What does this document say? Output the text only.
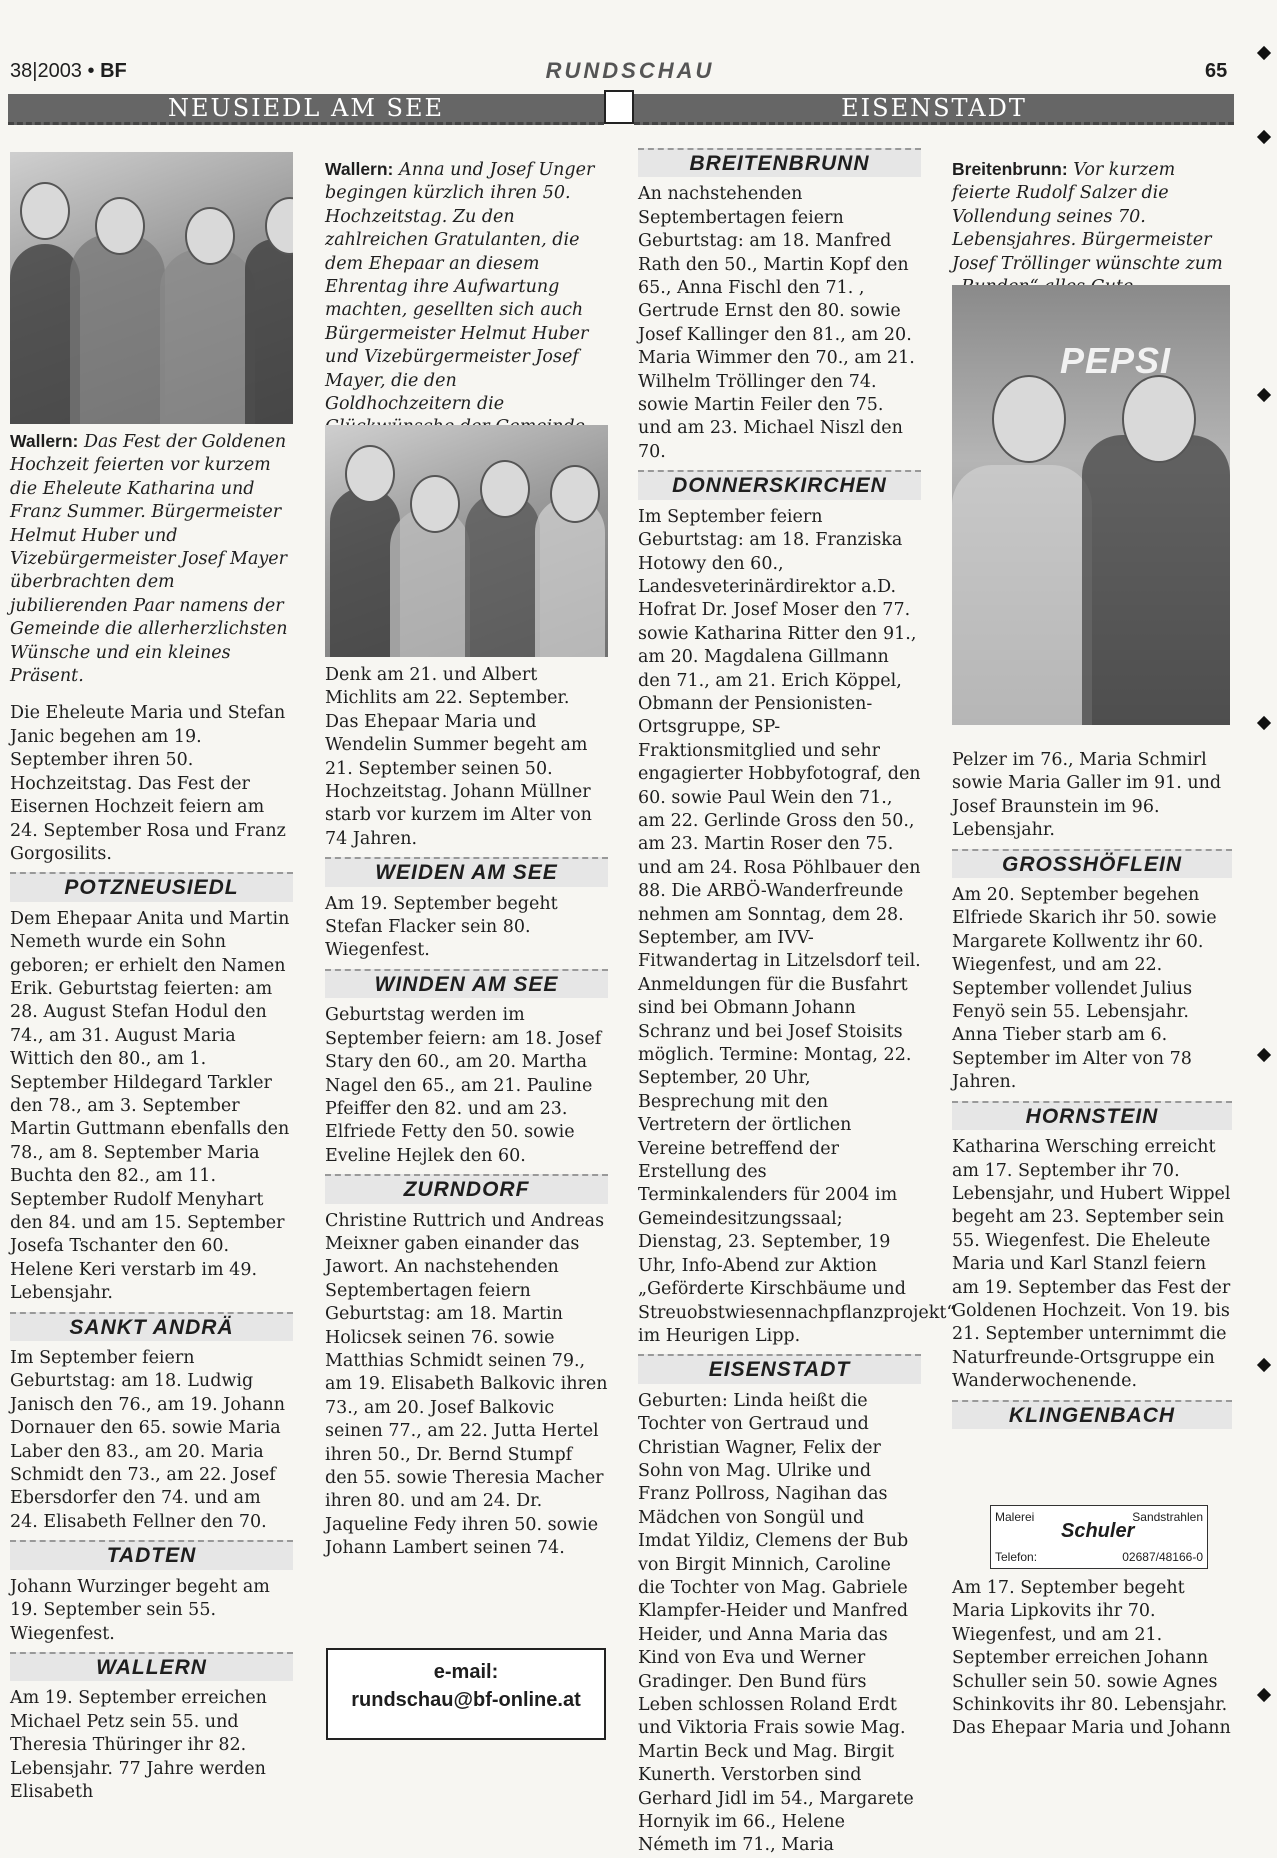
38|2003 • BF	RUNDSCHAU	65
NEUSIEDL AM SEE	EISENSTADT

Wallern: Das Fest der Goldenen Hochzeit feierten vor kurzem die Eheleute Katharina und Franz Summer. Bürgermeister Helmut Huber und Vizebürgermeister Josef Mayer überbrachten dem jubilierenden Paar namens der Gemeinde die allerherzlichsten Wünsche und ein kleines Präsent.

Die Eheleute Maria und Stefan Janic begehen am 19. September ihren 50. Hochzeitstag. Das Fest der Eisernen Hochzeit feiern am 24. September Rosa und Franz Gorgosilits.

POTZNEUSIEDL

Dem Ehepaar Anita und Martin Nemeth wurde ein Sohn geboren; er erhielt den Namen Erik. Geburtstag feierten: am 28. August Stefan Hodul den 74., am 31. August Maria Wittich den 80., am 1. September Hildegard Tarkler den 78., am 3. September Martin Guttmann ebenfalls den 78., am 8. September Maria Buchta den 82., am 11. September Rudolf Menyhart den 84. und am 15. September Josefa Tschanter den 60. Helene Keri verstarb im 49. Lebensjahr.

SANKT ANDRÄ

Im September feiern Geburtstag: am 18. Ludwig Janisch den 76., am 19. Johann Dornauer den 65. sowie Maria Laber den 83., am 20. Maria Schmidt den 73., am 22. Josef Ebersdorfer den 74. und am 24. Elisabeth Fellner den 70.

TADTEN

Johann Wurzinger begeht am 19. September sein 55. Wiegenfest.

WALLERN

Am 19. September erreichen Michael Petz sein 55. und Theresia Thüringer ihr 82. Lebensjahr. 77 Jahre werden Elisabeth

Wallern: Anna und Josef Unger begingen kürzlich ihren 50. Hochzeitstag. Zu den zahlreichen Gratulanten, die dem Ehepaar an diesem Ehrentag ihre Aufwartung machten, gesellten sich auch Bürgermeister Helmut Huber und Vizebürgermeister Josef Mayer, die den Goldhochzeitern die

Denk am 21. und Albert Michlits am 22. September. Das Ehepaar Maria und Wendelin Summer begeht am 21. September seinen 50. Hochzeitstag. Johann Müllner starb vor kurzem im Alter von 74 Jahren.

WEIDEN AM SEE

Am 19. September begeht Stefan Flacker sein 80. Wiegenfest.

WINDEN AM SEE

Geburtstag werden im September feiern: am 18. Josef Stary den 60., am 20. Martha Nagel den 65., am 21. Pauline Pfeiffer den 82. und am 23. Elfriede Fetty den 50. sowie Eveline Hejlek den 60.

ZURNDORF

Christine Ruttrich und Andreas Meixner gaben einander das Jawort. An nachstehenden Septembertagen feiern Geburtstag: am 18. Martin Holicsek seinen 76. sowie Matthias Schmidt seinen 79., am 19. Elisabeth Balkovic ihren 73., am 20. Josef Balkovic seinen 77., am 22. Jutta Hertel ihren 50., Dr. Bernd Stumpf den 55. sowie Theresia Macher ihren 80. und am 24. Dr. Jaqueline Fedy ihren 50. sowie Johann Lambert seinen 74.

e-mail:
rundschau@bf-online.at
BREITENBRUNN

An nachstehenden Septembertagen feiern Geburtstag: am 18. Manfred Rath den 50., Martin Kopf den 65., Anna Fischl den 71. , Gertrude Ernst den 80. sowie Josef Kallinger den 81., am 20. Maria Wimmer den 70., am 21. Wilhelm Tröllinger den 74. sowie Martin Feiler den 75. und am 23. Michael Niszl den 70.

DONNERSKIRCHEN

Im September feiern Geburtstag: am 18. Franziska Hotowy den 60., Landesveterinärdirektor a.D. Hofrat Dr. Josef Moser den 77. sowie Katharina Ritter den 91., am 20. Magdalena Gillmann den 71., am 21. Erich Köppel, Obmann der Pensionisten-Ortsgruppe, SP-Fraktionsmitglied und sehr engagierter Hobbyfotograf, den 60. sowie Paul Wein den 71., am 22. Gerlinde Gross den 50., am 23. Martin Roser den 75. und am 24. Rosa Pöhlbauer den 88. Die ARBÖ-Wanderfreunde nehmen am Sonntag, dem 28. September, am IVV-Fitwandertag in Litzelsdorf teil. Anmeldungen für die Busfahrt sind bei Obmann Johann Schranz und bei Josef Stoisits möglich. Termine: Montag, 22. September, 20 Uhr, Besprechung mit den Vertretern der örtlichen Vereine betreffend der Erstellung des Terminkalenders für 2004 im Gemeindesitzungssaal; Dienstag, 23. September, 19 Uhr, Info-Abend zur Aktion „Geförderte Kirschbäume und Streuobstwiesennachpflanzprojekt“ im Heurigen Lipp.

EISENSTADT

Geburten: Linda heißt die Tochter von Gertraud und Christian Wagner, Felix der Sohn von Mag. Ulrike und Franz Pollross, Nagihan das Mädchen von Songül und Imdat Yildiz, Clemens der Bub von Birgit Minnich, Caroline die Tochter von Mag. Gabriele Klampfer-Heider und Manfred Heider, und Anna Maria das Kind von Eva und Werner Gradinger. Den Bund fürs Leben schlossen Roland Erdt und Viktoria Frais sowie Mag. Martin Beck und Mag. Birgit Kunerth. Verstorben sind Gerhard Jidl im 54., Margarete Hornyik im 66., Helene Németh im 71., Maria

Breitenbrunn: Vor kurzem feierte Rudolf Salzer die Vollendung seines 70. Lebensjahres. Bürgermeister Josef Tröllinger wünschte zum

PEPSI

Pelzer im 76., Maria Schmirl sowie Maria Galler im 91. und Josef Braunstein im 96. Lebensjahr.

GROSSHÖFLEIN

Am 20. September begehen Elfriede Skarich ihr 50. sowie Margarete Kollwentz ihr 60. Wiegenfest, und am 22. September vollendet Julius Fenyö sein 55. Lebensjahr. Anna Tieber starb am 6. September im Alter von 78 Jahren.

HORNSTEIN

Katharina Wersching erreicht am 17. September ihr 70. Lebensjahr, und Hubert Wippel begeht am 23. September sein 55. Wiegenfest. Die Eheleute Maria und Karl Stanzl feiern am 19. September das Fest der Goldenen Hochzeit. Von 19. bis 21. September unternimmt die Naturfreunde-Ortsgruppe ein Wanderwochenende.

KLINGENBACH
Malerei	Sandstrahlen
Schuler
Telefon:	02687/48166-0

Am 17. September begeht Maria Lipkovits ihr 70. Wiegenfest, und am 21. September erreichen Johann Schuller sein 50. sowie Agnes Schinkovits ihr 80. Lebensjahr. Das Ehepaar Maria und Johann
